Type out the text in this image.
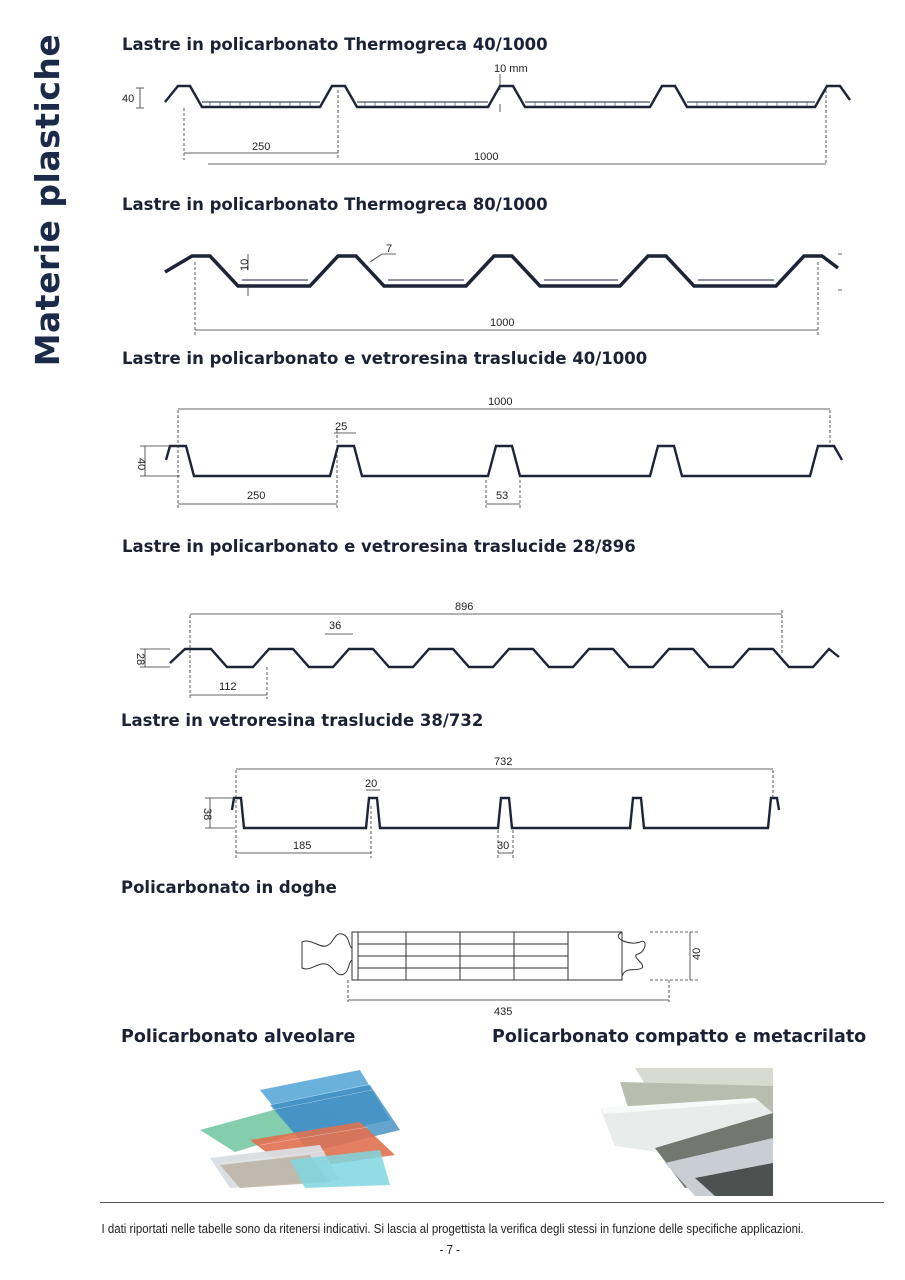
Materie plastiche	Lastre in policarbonato Thermogreca 40/1000
40
250
1000
10 mm
Lastre in policarbonato Thermogreca 80/1000
10
7
1000
Lastre in policarbonato e vetroresina traslucide 40/1000
1000
25
40
250	53
Lastre in policarbonato e vetroresina traslucide 28/896
896
36
28
112
Lastre in vetroresina traslucide 38/732
732
20
38
185	30
Policarbonato in doghe
40
435
Policarbonato alveolare	Policarbonato compatto e metacrilato
I dati riportati nelle tabelle sono da ritenersi indicativi. Si lascia al progettista la verifica degli stessi in funzione delle specifiche applicazioni.
- 7 -
